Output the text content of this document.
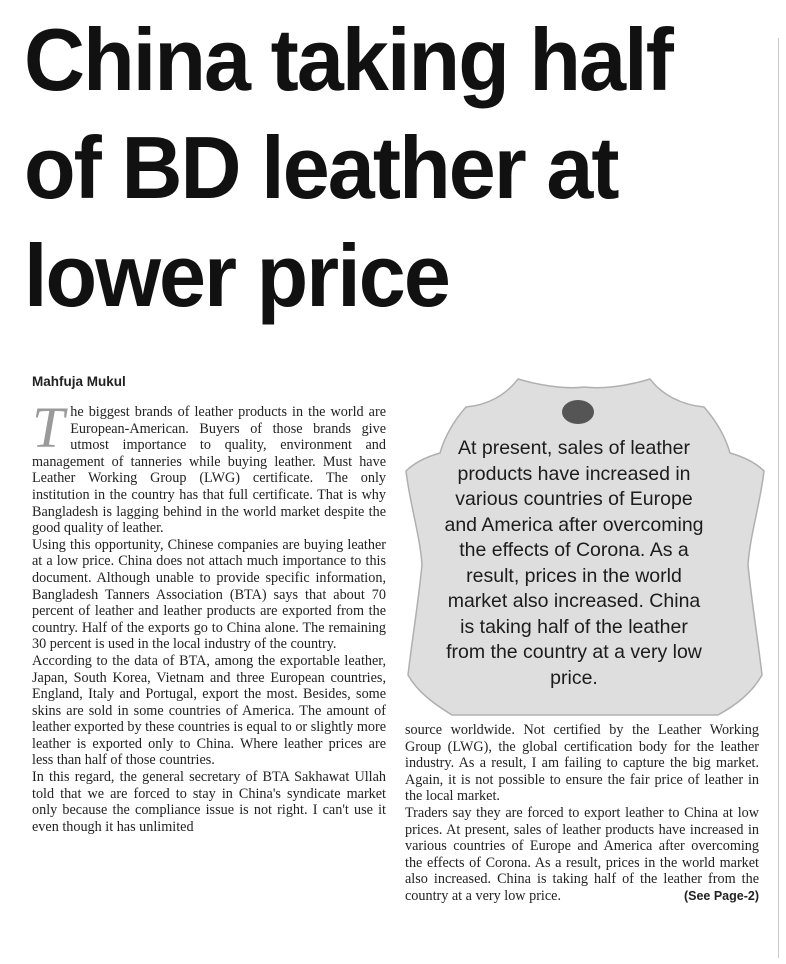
China taking half of BD leather at lower price
Mahfuja Mukul

The biggest brands of leather products in the world are European-American. Buyers of those brands give utmost importance to quality, environment and management of tanneries while buying leather. Must have Leather Working Group (LWG) certificate. The only institution in the country has that full certificate. That is why Bangladesh is lagging behind in the world market despite the good quality of leather.

Using this opportunity, Chinese companies are buying leather at a low price. China does not attach much importance to this document. Although unable to provide specific information, Bangladesh Tanners Association (BTA) says that about 70 percent of leather and leather products are exported from the country. Half of the exports go to China alone. The remaining 30 percent is used in the local industry of the country.

According to the data of BTA, among the exportable leather, Japan, South Korea, Vietnam and three European countries, England, Italy and Portugal, export the most. Besides, some skins are sold in some countries of America. The amount of leather exported by these countries is equal to or slightly more leather is exported only to China. Where leather prices are less than half of those countries.

In this regard, the general secretary of BTA Sakhawat Ullah told that we are forced to stay in China's syndicate market only because the compliance issue is not right. I can't use it even though it has unlimited

At present, sales of leather products have increased in various countries of Europe and America after overcoming the effects of Corona. As a result, prices in the world market also increased. China is taking half of the leather from the country at a very low price.

source worldwide. Not certified by the Leather Working Group (LWG), the global certification body for the leather industry. As a result, I am failing to capture the big market. Again, it is not possible to ensure the fair price of leather in the local market.

Traders say they are forced to export leather to China at low prices. At present, sales of leather products have increased in various countries of Europe and America after overcoming the effects of Corona. As a result, prices in the world market also increased. China is taking half of the leather from the country at a very low price.	(See Page-2)
